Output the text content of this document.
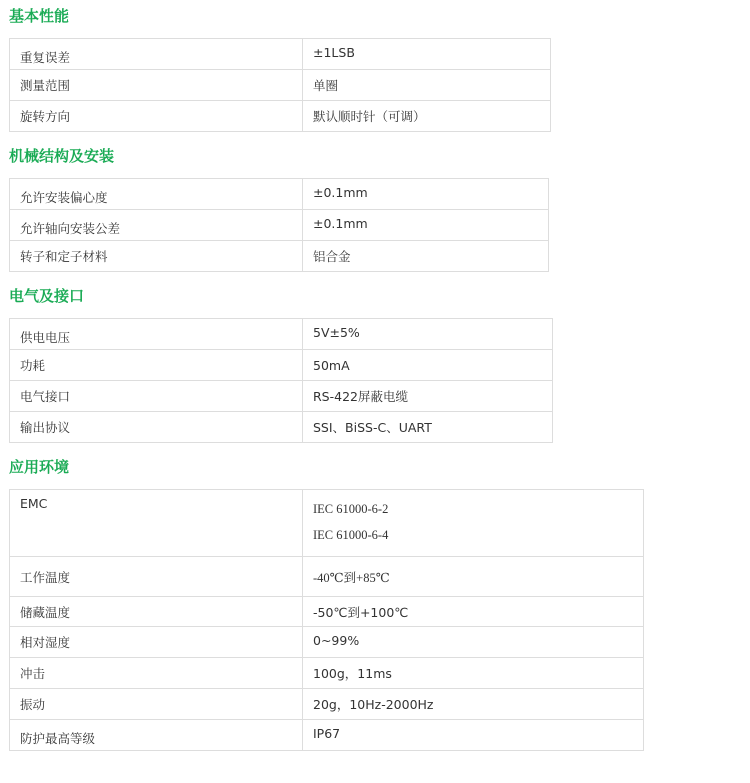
基本性能
重复误差	±1LSB
测量范围	单圈
旋转方向	默认顺时针（可调）
机械结构及安装
允许安装偏心度	±0.1mm
允许轴向安装公差	±0.1mm
转子和定子材料	铝合金
电气及接口
供电电压	5V±5%
功耗	50mA
电气接口	RS-422屏蔽电缆
输出协议	SSI、BiSS-C、UART
应用环境
EMC	IEC 61000-6-2
IEC 61000-6-4

工作温度	-40℃到+85℃
储藏温度	-50℃到+100℃
相对湿度	0~99%
冲击	100g，11ms
振动	20g，10Hz-2000Hz
防护最高等级	IP67
